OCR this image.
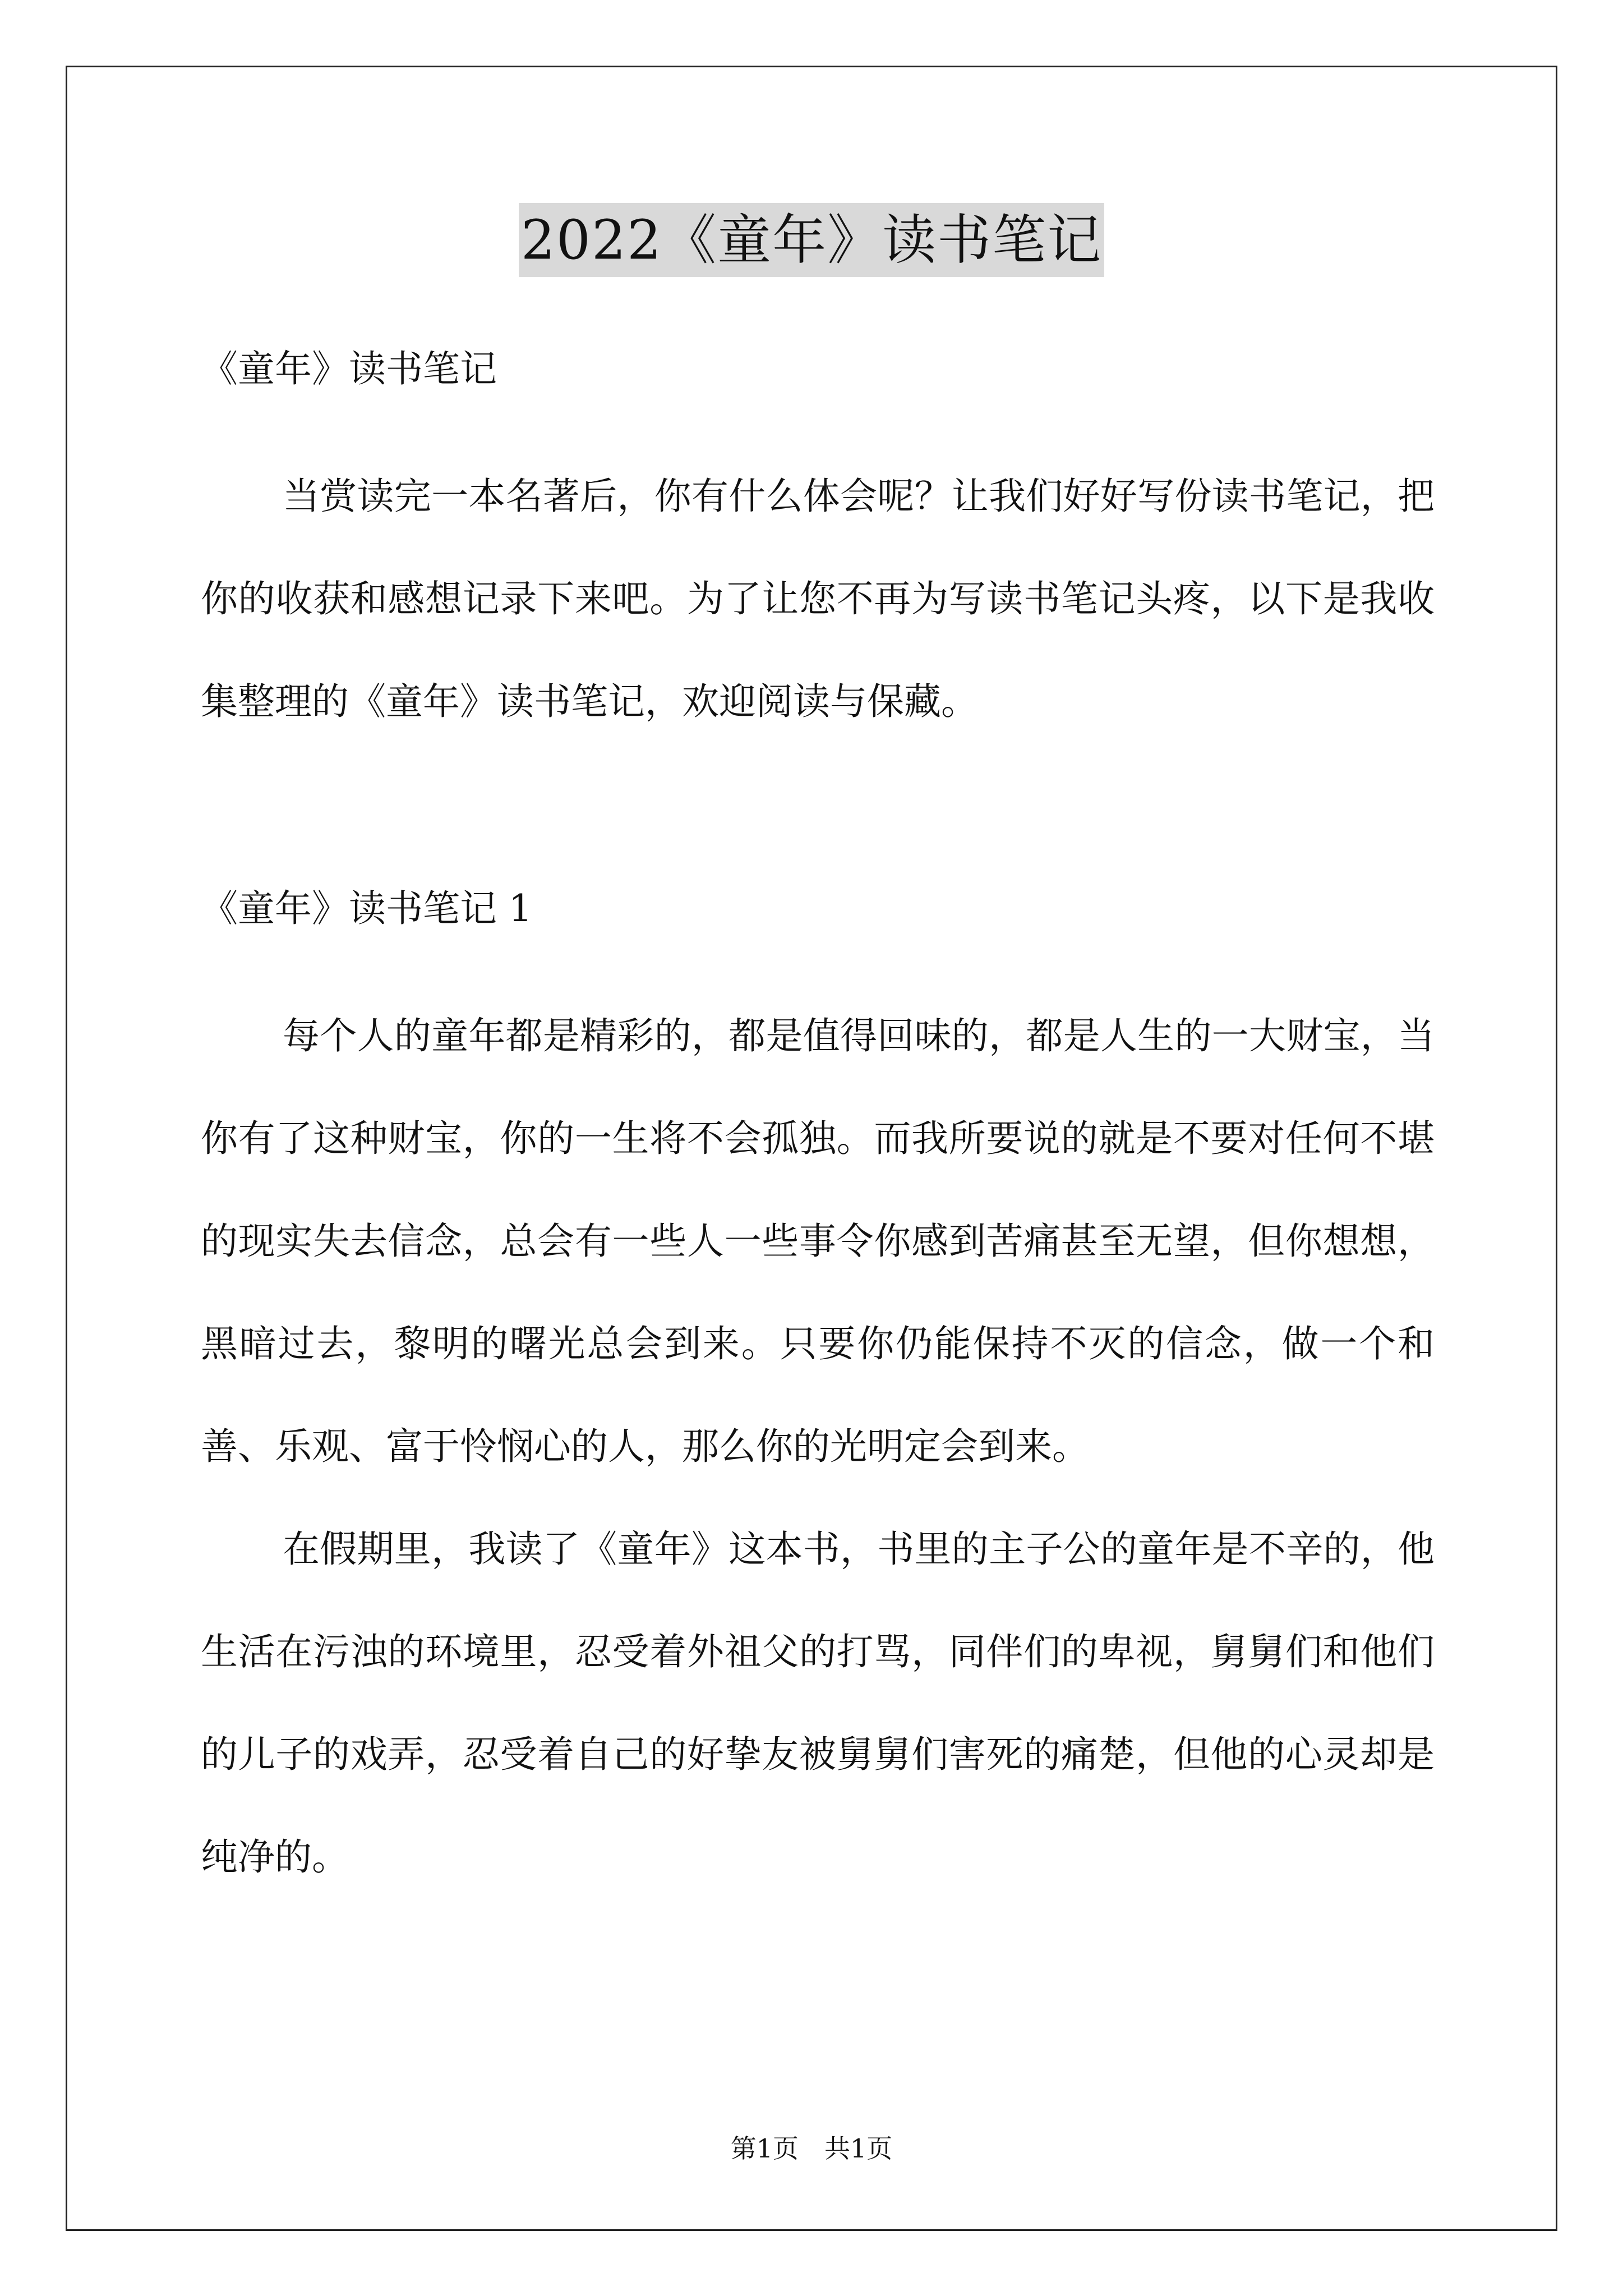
2022《童年》读书笔记

《童年》读书笔记

当赏读完一本名著后，你有什么体会呢？让我们好好写份读书笔记，把你的收获和感想记录下来吧。为了让您不再为写读书笔记头疼，以下是我收集整理的《童年》读书笔记，欢迎阅读与保藏。

《童年》读书笔记 1

每个人的童年都是精彩的，都是值得回味的，都是人生的一大财宝，当你有了这种财宝，你的一生将不会孤独。而我所要说的就是不要对任何不堪的现实失去信念，总会有一些人一些事令你感到苦痛甚至无望，但你想想，黑暗过去，黎明的曙光总会到来。只要你仍能保持不灭的信念，做一个和善、乐观、富于怜悯心的人，那么你的光明定会到来。

在假期里，我读了《童年》这本书，书里的主子公的童年是不辛的，他生活在污浊的环境里，忍受着外祖父的打骂，同伴们的卑视，舅舅们和他们的儿子的戏弄，忍受着自己的好挚友被舅舅们害死的痛楚，但他的心灵却是纯净的。

第1页　共1页
